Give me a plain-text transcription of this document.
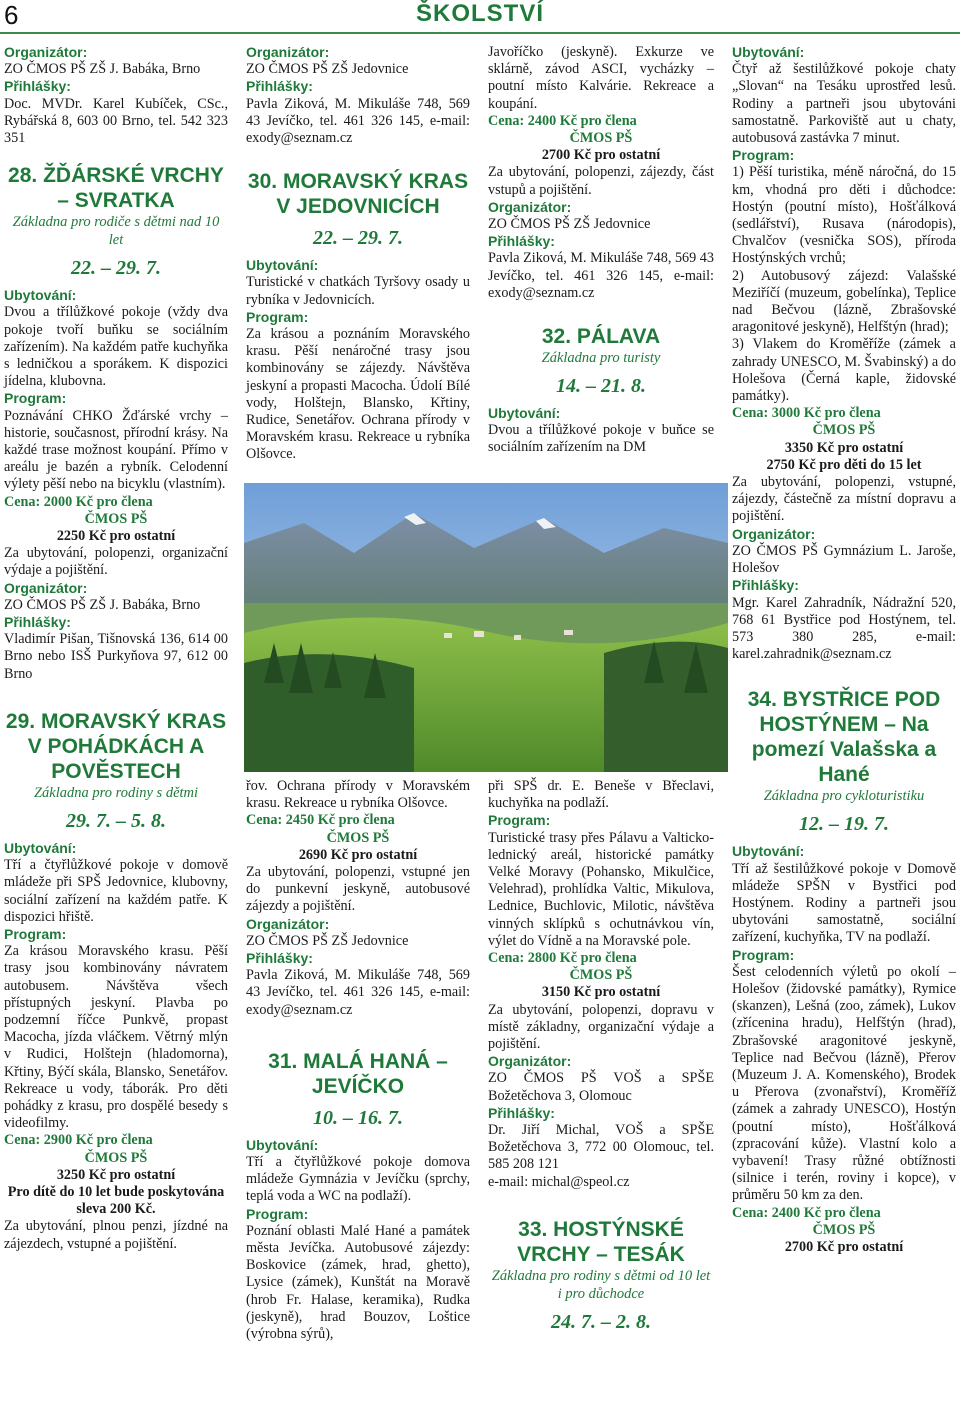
6	ŠKOLSTVÍ
Organizátor:

ZO ČMOS PŠ ZŠ J. Babáka, Brno

Přihlášky:

Doc. MVDr. Karel Kubíček, CSc., Rybářská 8, 603 00 Brno, tel. 542 323 351

28. ŽĎÁRSKÉ VRCHY – SVRATKA
Základna pro rodiče s dětmi nad 10 let
22. – 29. 7.
Ubytování:

Dvou a třílůžkové pokoje (vždy dva pokoje tvoří buňku se sociálním zařízením). Na každém patře kuchyňka s ledničkou a sporákem. K dispozici jídelna, klubovna.

Program:

Poznávání CHKO Žďárské vrchy – historie, současnost, přírodní krásy. Na každé trase možnost koupání. Přímo v areálu je bazén a rybník. Celodenní výlety pěší nebo na bicyklu (vlastním).

Cena: 2000 Kč pro člena
ČMOS PŠ
2250 Kč pro ostatní

Za ubytování, polopenzi, organizační výdaje a pojištění.

Organizátor:

ZO ČMOS PŠ ZŠ J. Babáka, Brno

Přihlášky:

Vladimír Pišan, Tišnovská 136, 614 00 Brno nebo ISŠ Purkyňova 97, 612 00 Brno

29. MORAVSKÝ KRAS V POHÁDKÁCH A POVĚSTECH
Základna pro rodiny s dětmi
29. 7. – 5. 8.
Ubytování:

Tří a čtyřlůžkové pokoje v domově mládeže při SPŠ Jedovnice, klubovny, sociální zařízení na každém patře. K dispozici hřiště.

Program:

Za krásou Moravského krasu. Pěší trasy jsou kombinovány návratem autobusem. Návštěva všech přístupných jeskyní. Plavba po podzemní říčce Punkvě, propast Macocha, jízda vláčkem. Větrný mlýn v Rudici, Holštejn (hladomorna), Křtiny, Býčí skála, Blansko, Senetářov. Rekreace u vody, táborák. Pro děti pohádky z krasu, pro dospělé besedy s videofilmy.

Cena: 2900 Kč pro člena
ČMOS PŠ
3250 Kč pro ostatní
Pro dítě do 10 let bude poskytována sleva 200 Kč.

Za ubytování, plnou penzi, jízdné na zájezdech, vstupné a pojištění.

Organizátor:

ZO ČMOS PŠ ZŠ Jedovnice

Přihlášky:

Pavla Ziková, M. Mikuláše 748, 569 43 Jevíčko, tel. 461 326 145, e-mail: exody@seznam.cz

30. MORAVSKÝ KRAS V JEDOVNICÍCH
22. – 29. 7.
Ubytování:

Turistické v chatkách Tyršovy osady u rybníka v Jedovnicích.

Program:

Za krásou a poznáním Moravského krasu. Pěší nenáročné trasy jsou kombinovány se zájezdy. Návštěva jeskyní a propasti Macocha. Údolí Bílé vody, Holštejn, Blansko, Křtiny, Rudice, Senetářov. Ochrana přírody v Moravském krasu. Rekreace u rybníka Olšovce.

řov. Ochrana přírody v Moravském krasu. Rekreace u rybníka Olšovce.

Cena: 2450 Kč pro člena
ČMOS PŠ
2690 Kč pro ostatní

Za ubytování, polopenzi, vstupné jen do punkevní jeskyně, autobusové zájezdy a pojištění.

Organizátor:

ZO ČMOS PŠ ZŠ Jedovnice

Přihlášky:

Pavla Ziková, M. Mikuláše 748, 569 43 Jevíčko, tel. 461 326 145, e-mail: exody@seznam.cz

31. MALÁ HANÁ – JEVÍČKO
10. – 16. 7.
Ubytování:

Tří a čtyřlůžkové pokoje domova mládeže Gymnázia v Jevíčku (sprchy, teplá voda a WC na podlaží).

Program:

Poznání oblasti Malé Hané a památek města Jevíčka. Autobusové zájezdy: Boskovice (zámek, hrad, ghetto), Lysice (zámek), Kunštát na Moravě (hrob Fr. Halase, keramika), Rudka (jeskyně), hrad Bouzov, Loštice (výrobna sýrů),

Javoříčko (jeskyně). Exkurze ve sklárně, závod ASCI, vycházky – poutní místo Kalvárie. Rekreace a koupání.

Cena: 2400 Kč pro člena
ČMOS PŠ
2700 Kč pro ostatní

Za ubytování, polopenzi, zájezdy, část vstupů a pojištění.

Organizátor:

ZO ČMOS PŠ ZŠ Jedovnice

Přihlášky:

Pavla Ziková, M. Mikuláše 748, 569 43 Jevíčko, tel. 461 326 145, e-mail: exody@seznam.cz

32. PÁLAVA
Základna pro turisty
14. – 21. 8.
Ubytování:

Dvou a třílůžkové pokoje v buňce se sociálním zařízením na DM

při SPŠ dr. E. Beneše v Břeclavi, kuchyňka na podlaží.

Program:

Turistické trasy přes Pálavu a Valticko-lednický areál, historické památky Velké Moravy (Pohansko, Mikulčice, Velehrad), prohlídka Valtic, Mikulova, Lednice, Buchlovic, Milotic, návštěva vinných sklípků s ochutnávkou vín, výlet do Vídně a na Moravské pole.

Cena: 2800 Kč pro člena
ČMOS PŠ
3150 Kč pro ostatní

Za ubytování, polopenzi, dopravu v místě základny, organizační výdaje a pojištění.

Organizátor:

ZO ČMOS PŠ VOŠ a SPŠE Božetěchova 3, Olomouc

Přihlášky:

Dr. Jiří Michal, VOŠ a SPŠE Božetěchova 3, 772 00 Olomouc, tel. 585 208 121

e-mail: michal@speol.cz

33. HOSTÝNSKÉ VRCHY – TESÁK
Základna pro rodiny s dětmi od 10 let i pro důchodce
24. 7. – 2. 8.
Ubytování:

Čtyř až šestilůžkové pokoje chaty „Slovan“ na Tesáku uprostřed lesů. Rodiny a partneři jsou ubytováni samostatně. Parkoviště aut u chaty, autobusová zastávka 7 minut.

Program:

1) Pěší turistika, méně náročná, do 15 km, vhodná pro děti i důchodce: Hostýn (poutní místo), Hošťálková (sedlářství), Rusava (národopis), Chvalčov (vesnička SOS), příroda Hostýnských vrchů;
2) Autobusový zájezd: Valašské Meziříčí (muzeum, gobelínka), Teplice nad Bečvou (lázně, Zbrašovské aragonitové jeskyně), Helfštýn (hrad);
3) Vlakem do Kroměříže (zámek a zahrady UNESCO, M. Švabinský) a do Holešova (Černá kaple, židovské památky).

Cena: 3000 Kč pro člena
ČMOS PŠ
3350 Kč pro ostatní
2750 Kč pro děti do 15 let

Za ubytování, polopenzi, vstupné, zájezdy, částečně za místní dopravu a pojištění.

Organizátor:

ZO ČMOS PŠ Gymnázium L. Jaroše, Holešov

Přihlášky:

Mgr. Karel Zahradník, Nádražní 520, 768 61 Bystřice pod Hostýnem, tel. 573 380 285, e-mail: karel.zahradnik@seznam.cz

34. BYSTŘICE POD HOSTÝNEM – Na pomezí Valašska a Hané
Základna pro cykloturistiku
12. – 19. 7.
Ubytování:

Tří až šestilůžkové pokoje v Domově mládeže SPŠN v Bystřici pod Hostýnem. Rodiny a partneři jsou ubytováni samostatně, sociální zařízení, kuchyňka, TV na podlaží.

Program:

Šest celodenních výletů po okolí – Holešov (židovské památky), Rymice (skanzen), Lešná (zoo, zámek), Lukov (zřícenina hradu), Helfštýn (hrad), Zbrašovské aragonitové jeskyně, Teplice nad Bečvou (lázně), Přerov (Muzeum J. A. Komenského), Brodek u Přerova (zvonařství), Kroměříž (zámek a zahrady UNESCO), Hostýn (poutní místo), Hošťálková (zpracování kůže). Vlastní kolo a vybavení! Trasy růžné obtížnosti (silnice i terén, roviny i kopce), v průměru 50 km za den.

Cena: 2400 Kč pro člena
ČMOS PŠ
2700 Kč pro ostatní
